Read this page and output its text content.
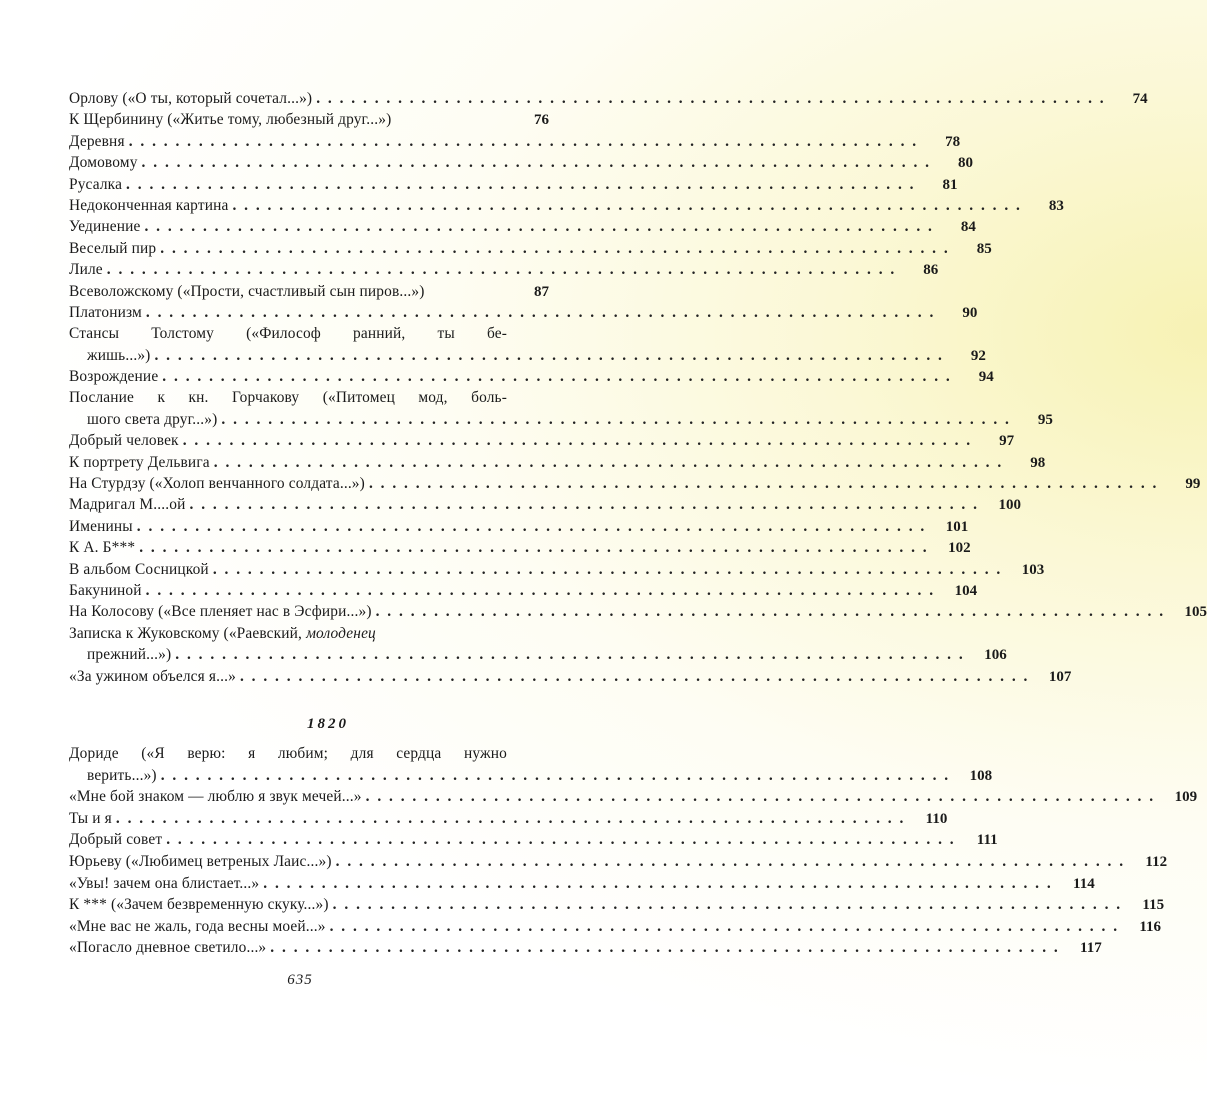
Орлову («О ты, который сочетал...») . . .	74
К Щербинину («Житье тому, любезный друг...»)	76
Деревня . . .	78
Домовому . . .	80
Русалка . . .	81
Недоконченная картина . . .	83
Уединение . . .	84
Веселый пир . . .	85
Лиле . . .	86
Всеволожскому («Прости, счастливый сын пиров...»)	87
Платонизм . . .	90
Стансы Толстому («Философ ранний, ты бе-
жишь...») . . .	92
Возрождение . . .	94
Послание к кн. Горчакову («Питомец мод, боль-
шого света друг...») . . .	95
Добрый человек . . .	97
К портрету Дельвига . . .	98
На Стурдзу («Холоп венчанного солдата...») . . .	99
Мадригал М....ой . . .	100
Именины . . .	101
К А. Б*** . . .	102
В альбом Сосницкой . . .	103
Бакуниной . . .	104
На Колосову («Все пленяет нас в Эсфири...») . . .	105
Записка к Жуковскому («Раевский, молоденец
прежний...») . . .	106
«За ужином объелся я...» . . .	107
1820
Дориде («Я верю: я любим; для сердца нужно
верить...») . . .	108
«Мне бой знаком — люблю я звук мечей...» . . .	109
Ты и я . . .	110
Добрый совет . . .	111
Юрьеву («Любимец ветреных Лаис...») . . .	112
«Увы! зачем она блистает...» . . .	114
К *** («Зачем безвременную скуку...») . . .	115
«Мне вас не жаль, года весны моей...» . . .	116
«Погасло дневное светило...» . . .	117
635
